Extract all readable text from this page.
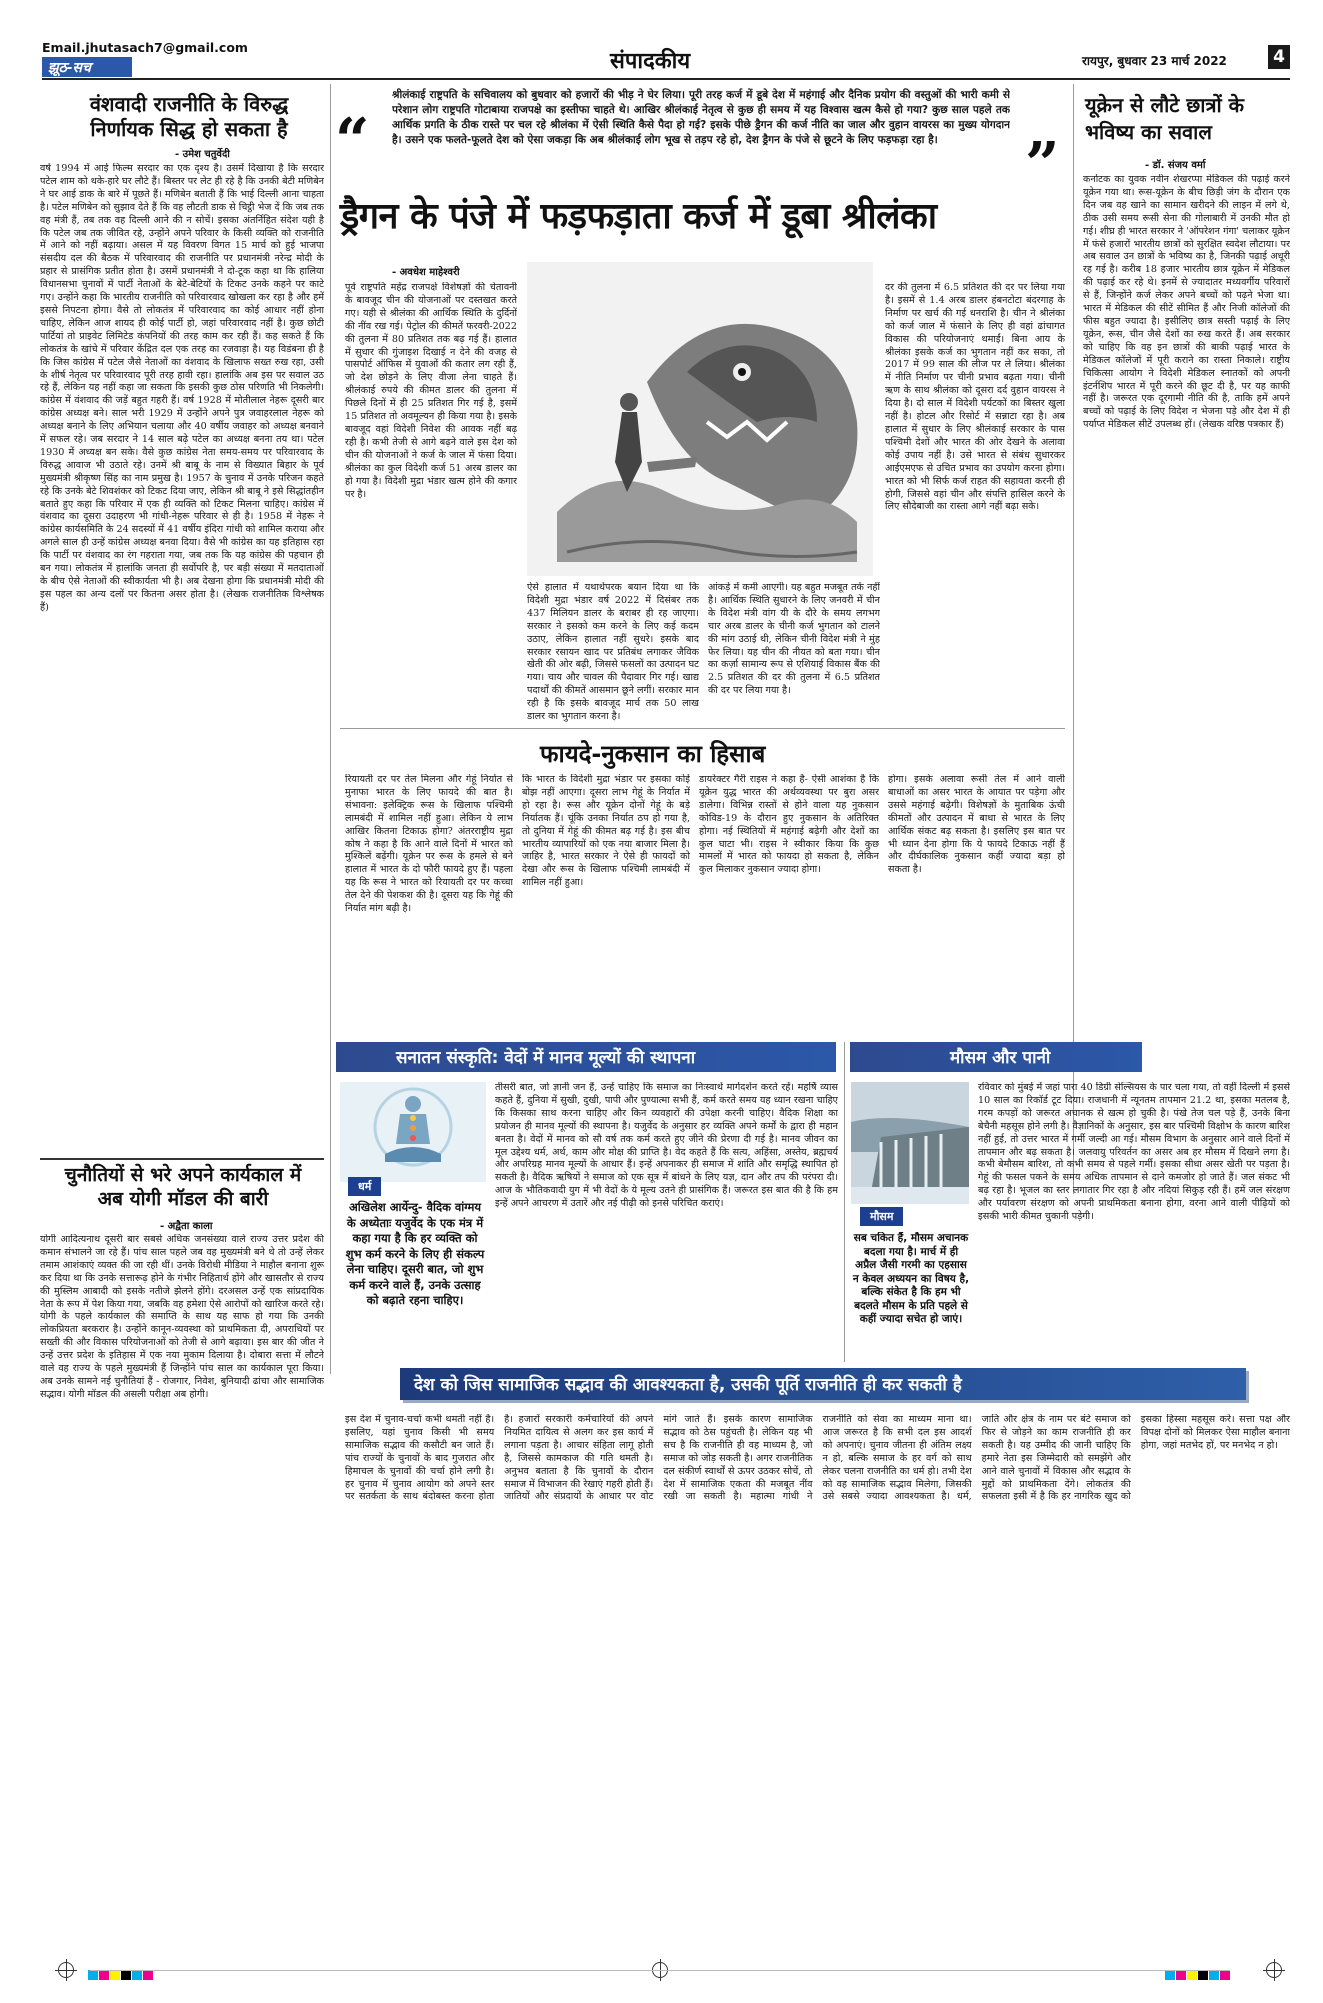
Email.jhutasach7@gmail.com
संपादकीय	रायपुर, बुधवार 23 मार्च 2022	4
झूठ-सच
वंशवादी राजनीति के विरुद्ध निर्णायक सिद्ध हो सकता है
- उमेश चतुर्वेदी
वर्ष 1994 में आई फिल्म सरदार का एक दृश्य है। उसमें दिखाया है कि सरदार पटेल शाम को थके-हारे घर लौटे हैं। बिस्तर पर लेट ही रहे है कि उनकी बेटी मणिबेन ने घर आई डाक के बारे में पूछते हैं। मणिबेन बताती हैं कि भाई दिल्ली आना चाहता है। पटेल मणिबेन को सुझाव देते हैं कि वह लौटती डाक से चिट्ठी भेज दें कि जब तक वह मंत्री हैं, तब तक वह दिल्ली आने की न सोचें। इसका अंतर्निहित संदेश यही है कि पटेल जब तक जीवित रहे, उन्होंने अपने परिवार के किसी व्यक्ति को राजनीति में आने को नहीं बढ़ाया। असल में यह विवरण विगत 15 मार्च को हुई भाजपा संसदीय दल की बैठक में परिवारवाद की राजनीति पर प्रधानमंत्री नरेन्द्र मोदी के प्रहार से प्रासंगिक प्रतीत होता है। उसमें प्रधानमंत्री ने दो-टूक कहा था कि हालिया विधानसभा चुनावों में पार्टी नेताओं के बेटे-बेटियों के टिकट उनके कहने पर काटे गए। उन्होंने कहा कि भारतीय राजनीति को परिवारवाद खोखला कर रहा है और हमें इससे निपटना होगा। वैसे तो लोकतंत्र में परिवारवाद का कोई आधार नहीं होना चाहिए, लेकिन आज शायद ही कोई पार्टी हो, जहां परिवारवाद नहीं है। कुछ छोटी पार्टियां तो प्राइवेट लिमिटेड कंपनियों की तरह काम कर रही हैं। कह सकते हैं कि लोकतंत्र के खांचे में परिवार केंद्रित दल एक तरह का रजवाड़ा है। यह विडंबना ही है कि जिस कांग्रेस में पटेल जैसे नेताओं का वंशवाद के खिलाफ सख्त रुख रहा, उसी के शीर्ष नेतृत्व पर परिवारवाद पूरी तरह हावी रहा। हालांकि अब इस पर सवाल उठ रहे हैं, लेकिन यह नहीं कहा जा सकता कि इसकी कुछ ठोस परिणति भी निकलेगी। कांग्रेस में वंशवाद की जड़ें बहुत गहरी हैं। वर्ष 1928 में मोतीलाल नेहरू दूसरी बार कांग्रेस अध्यक्ष बने। साल भरी 1929 में उन्होंने अपने पुत्र जवाहरलाल नेहरू को अध्यक्ष बनाने के लिए अभियान चलाया और 40 वर्षीय जवाहर को अध्यक्ष बनवाने में सफल रहे। जब सरदार ने 14 साल बढ़े पटेल का अध्यक्ष बनना तय था। पटेल 1930 में अध्यक्ष बन सके। वैसे कुछ कांग्रेस नेता समय-समय पर परिवारवाद के विरुद्ध आवाज भी उठाते रहे। उनमें श्री बाबू के नाम से विख्यात बिहार के पूर्व मुख्यमंत्री श्रीकृष्ण सिंह का नाम प्रमुख है। 1957 के चुनाव में उनके परिजन कहते रहे कि उनके बेटे शिवशंकर को टिकट दिया जाए, लेकिन श्री बाबू ने इसे सिद्धांतहीन बताते हुए कहा कि परिवार में एक ही व्यक्ति को टिकट मिलना चाहिए। कांग्रेस में वंशवाद का दूसरा उदाहरण भी गांधी-नेहरू परिवार से ही है। 1958 में नेहरू ने कांग्रेस कार्यसमिति के 24 सदस्यों में 41 वर्षीय इंदिरा गांधी को शामिल कराया और अगले साल ही उन्हें कांग्रेस अध्यक्ष बनवा दिया। वैसे भी कांग्रेस का यह इतिहास रहा कि पार्टी पर वंशवाद का रंग गहराता गया, जब तक कि यह कांग्रेस की पहचान ही बन गया। लोकतंत्र में हालांकि जनता ही सर्वोपरि है, पर बड़ी संख्या में मतदाताओं के बीच ऐसे नेताओं की स्वीकार्यता भी है। अब देखना होगा कि प्रधानमंत्री मोदी की इस पहल का अन्य दलों पर कितना असर होता है। (लेखक राजनीतिक विश्लेषक हैं)
चुनौतियों से भरे अपने कार्यकाल में अब योगी मॉडल की बारी
- अद्वैता काला
योगी आदित्यनाथ दूसरी बार सबसे अधिक जनसंख्या वाले राज्य उत्तर प्रदेश की कमान संभालने जा रहे हैं। पांच साल पहले जब वह मुख्यमंत्री बने थे तो उन्हें लेकर तमाम आशंकाएं व्यक्त की जा रही थीं। उनके विरोधी मीडिया ने माहौल बनाना शुरू कर दिया था कि उनके सत्तारूढ़ होने के गंभीर निहितार्थ होंगे और खासतौर से राज्य की मुस्लिम आबादी को इसके नतीजे झेलने होंगे। दरअसल उन्हें एक सांप्रदायिक नेता के रूप में पेश किया गया, जबकि वह हमेशा ऐसे आरोपों को खारिज करते रहे। योगी के पहले कार्यकाल की समाप्ति के साथ यह साफ हो गया कि उनकी लोकप्रियता बरकरार है। उन्होंने कानून-व्यवस्था को प्राथमिकता दी, अपराधियों पर सख्ती की और विकास परियोजनाओं को तेजी से आगे बढ़ाया। इस बार की जीत ने उन्हें उत्तर प्रदेश के इतिहास में एक नया मुकाम दिलाया है। दोबारा सत्ता में लौटने वाले वह राज्य के पहले मुख्यमंत्री हैं जिन्होंने पांच साल का कार्यकाल पूरा किया। अब उनके सामने नई चुनौतियां हैं - रोजगार, निवेश, बुनियादी ढांचा और सामाजिक सद्भाव। योगी मॉडल की असली परीक्षा अब होगी।
“
श्रीलंकाई राष्ट्रपति के सचिवालय को बुधवार को हजारों की भीड़ ने घेर लिया। पूरी तरह कर्ज में डूबे देश में महंगाई और दैनिक प्रयोग की वस्तुओं की भारी कमी से परेशान लोग राष्ट्रपति गोटाबाया राजपक्षे का इस्तीफा चाहते थे। आखिर श्रीलंकाई नेतृत्व से कुछ ही समय में यह विश्वास खत्म कैसे हो गया? कुछ साल पहले तक आर्थिक प्रगति के ठीक रास्ते पर चल रहे श्रीलंका में ऐसी स्थिति कैसे पैदा हो गई? इसके पीछे ड्रैगन की कर्ज नीति का जाल और वुहान वायरस का मुख्य योगदान है। उसने एक फलते-फूलते देश को ऐसा जकड़ा कि अब श्रीलंकाई लोग भूख से तड़प रहे हो, देश ड्रैगन के पंजे से छूटने के लिए फड़फड़ा रहा है।	”
ड्रैगन के पंजे में फड़फड़ाता कर्ज में डूबा श्रीलंका
- अवधेश माहेश्वरी
पूर्व राष्ट्रपति महेंद्र राजपक्षे विशेषज्ञों की चेतावनी के बावजूद चीन की योजनाओं पर दस्तखत करते गए। यही से श्रीलंका की आर्थिक स्थिति के दुर्दिनों की नींव रख गई। पेट्रोल की कीमतें फरवरी-2022 की तुलना में 80 प्रतिशत तक बढ़ गई हैं। हालात में सुधार की गुंजाइश दिखाई न देने की वजह से पासपोर्ट ऑफिस में युवाओं की कतार लग रही हैं, जो देश छोड़ने के लिए वीजा लेना चाहते हैं। श्रीलंकाई रुपये की कीमत डालर की तुलना में पिछले दिनों में ही 25 प्रतिशत गिर गई है, इसमें 15 प्रतिशत तो अवमूल्यन ही किया गया है। इसके बावजूद वहां विदेशी निवेश की आवक नहीं बढ़ रही है। कभी तेजी से आगे बढ़ने वाले इस देश को चीन की योजनाओं ने कर्ज के जाल में फंसा दिया। श्रीलंका का कुल विदेशी कर्ज 51 अरब डालर का हो गया है। विदेशी मुद्रा भंडार खत्म होने की कगार पर है।
ऐसे हालात में यथार्थपरक बयान दिया था कि विदेशी मुद्रा भंडार वर्ष 2022 में दिसंबर तक 437 मिलियन डालर के बराबर ही रह जाएगा। सरकार ने इसको कम करने के लिए कई कदम उठाए, लेकिन हालात नहीं सुधरे। इसके बाद सरकार रसायन खाद पर प्रतिबंध लगाकर जैविक खेती की ओर बढ़ी, जिससे फसलों का उत्पादन घट गया। चाय और चावल की पैदावार गिर गई। खाद्य पदार्थों की कीमतें आसमान छूने लगीं। सरकार मान रही है कि इसके बावजूद मार्च तक 50 लाख डालर का भुगतान करना है।
आंकड़े में कमी आएगी। यह बहुत मजबूत तर्क नहीं है। आर्थिक स्थिति सुधारने के लिए जनवरी में चीन के विदेश मंत्री वांग यी के दौरे के समय लगभग चार अरब डालर के चीनी कर्ज भुगतान को टालने की मांग उठाई थी, लेकिन चीनी विदेश मंत्री ने मुंह फेर लिया। यह चीन की नीयत को बता गया। चीन का कर्ज़ा सामान्य रूप से एशियाई विकास बैंक की 2.5 प्रतिशत की दर की तुलना में 6.5 प्रतिशत की दर पर लिया गया है।
दर की तुलना में 6.5 प्रतिशत की दर पर लिया गया है। इसमें से 1.4 अरब डालर हंबनटोटा बंदरगाह के निर्माण पर खर्च की गई धनराशि है। चीन ने श्रीलंका को कर्ज जाल में फंसाने के लिए ही वहां ढांचागत विकास की परियोजनाएं थमाईं। बिना आय के श्रीलंका इसके कर्ज का भुगतान नहीं कर सका, तो 2017 में 99 साल की लीज पर ले लिया। श्रीलंका में नीति निर्माण पर चीनी प्रभाव बढ़ता गया। चीनी ऋण के साथ श्रीलंका को दूसरा दर्द वुहान वायरस ने दिया है। दो साल में विदेशी पर्यटकों का बिस्तर खुला नहीं है। होटल और रिसोर्ट में सन्नाटा रहा है। अब हालात में सुधार के लिए श्रीलंकाई सरकार के पास पश्चिमी देशों और भारत की ओर देखने के अलावा कोई उपाय नहीं है। उसे भारत से संबंध सुधारकर आईएमएफ से उचित प्रभाव का उपयोग करना होगा। भारत को भी सिर्फ कर्ज राहत की सहायता करनी ही होगी, जिससे वहां चीन और संपत्ति हासिल करने के लिए सौदेबाजी का रास्ता आगे नहीं बढ़ा सके।
फायदे-नुकसान का हिसाब
रियायती दर पर तेल मिलना और गेहूं निर्यात से मुनाफा भारत के लिए फायदे की बात है। संभावना: इलेक्ट्रिक रूस के खिलाफ पश्चिमी लामबंदी में शामिल नहीं हुआ। लेकिन ये लाभ आखिर कितना टिकाऊ होगा? अंतरराष्ट्रीय मुद्रा कोष ने कहा है कि आने वाले दिनों में भारत को मुश्किलें बढ़ेंगी। यूक्रेन पर रूस के हमले से बने हालात में भारत के दो फौरी फायदे हुए हैं। पहला यह कि रूस ने भारत को रियायती दर पर कच्चा तेल देने की पेशकश की है। दूसरा यह कि गेहूं की निर्यात मांग बढ़ी है।
कि भारत के विदेशी मुद्रा भंडार पर इसका कोई बोझ नहीं आएगा। दूसरा लाभ गेहूं के निर्यात में हो रहा है। रूस और यूक्रेन दोनों गेहूं के बड़े निर्यातक हैं। चूंकि उनका निर्यात ठप हो गया है, तो दुनिया में गेहूं की कीमत बढ़ गई है। इस बीच भारतीय व्यापारियों को एक नया बाजार मिला है। जाहिर है, भारत सरकार ने ऐसे ही फायदों को देखा और रूस के खिलाफ पश्चिमी लामबंदी में शामिल नहीं हुआ।
डायरेक्टर गैरी राइस ने कहा है- ऐसी आशंका है कि यूक्रेन युद्ध भारत की अर्थव्यवस्था पर बुरा असर डालेगा। विभिन्न रास्तों से होने वाला यह नुकसान कोविड-19 के दौरान हुए नुकसान के अतिरिक्त होगा। नई स्थितियों में महंगाई बढ़ेगी और देशों का कुल घाटा भी। राइस ने स्वीकार किया कि कुछ मामलों में भारत को फायदा हो सकता है, लेकिन कुल मिलाकर नुकसान ज्यादा होगा।
होगा। इसके अलावा रूसी तेल में आने वाली बाधाओं का असर भारत के आयात पर पड़ेगा और उससे महंगाई बढ़ेगी। विशेषज्ञों के मुताबिक ऊंची कीमतों और उत्पादन में बाधा से भारत के लिए आर्थिक संकट बढ़ सकता है। इसलिए इस बात पर भी ध्यान देना होगा कि ये फायदे टिकाऊ नहीं हैं और दीर्घकालिक नुकसान कहीं ज्यादा बड़ा हो सकता है।
यूक्रेन से लौटे छात्रों के भविष्य का सवाल
- डॉ. संजय वर्मा
कर्नाटक का युवक नवीन शेखरप्पा मेडिकल की पढ़ाई करने यूक्रेन गया था। रूस-यूक्रेन के बीच छिड़ी जंग के दौरान एक दिन जब वह खाने का सामान खरीदने की लाइन में लगे थे, ठीक उसी समय रूसी सेना की गोलाबारी में उनकी मौत हो गई। शीघ्र ही भारत सरकार ने 'ऑपरेशन गंगा' चलाकर यूक्रेन में फंसे हजारों भारतीय छात्रों को सुरक्षित स्वदेश लौटाया। पर अब सवाल उन छात्रों के भविष्य का है, जिनकी पढ़ाई अधूरी रह गई है। करीब 18 हजार भारतीय छात्र यूक्रेन में मेडिकल की पढ़ाई कर रहे थे। इनमें से ज्यादातर मध्यवर्गीय परिवारों से हैं, जिन्होंने कर्ज लेकर अपने बच्चों को पढ़ने भेजा था। भारत में मेडिकल की सीटें सीमित हैं और निजी कॉलेजों की फीस बहुत ज्यादा है। इसीलिए छात्र सस्ती पढ़ाई के लिए यूक्रेन, रूस, चीन जैसे देशों का रुख करते हैं। अब सरकार को चाहिए कि वह इन छात्रों की बाकी पढ़ाई भारत के मेडिकल कॉलेजों में पूरी कराने का रास्ता निकाले। राष्ट्रीय चिकित्सा आयोग ने विदेशी मेडिकल स्नातकों को अपनी इंटर्नशिप भारत में पूरी करने की छूट दी है, पर यह काफी नहीं है। जरूरत एक दूरगामी नीति की है, ताकि हमें अपने बच्चों को पढ़ाई के लिए विदेश न भेजना पड़े और देश में ही पर्याप्त मेडिकल सीटें उपलब्ध हों। (लेखक वरिष्ठ पत्रकार हैं)
सनातन संस्कृति: वेदों में मानव मूल्यों की स्थापना
धर्म
अखिलेश आर्येन्दु- वैदिक वांग्मय के अध्येताः यजुर्वेद के एक मंत्र में कहा गया है कि हर व्यक्ति को शुभ कर्म करने के लिए ही संकल्प लेना चाहिए। दूसरी बात, जो शुभ कर्म करने वाले हैं, उनके उत्साह को बढ़ाते रहना चाहिए।
तीसरी बात, जो ज्ञानी जन हैं, उन्हें चाहिए कि समाज का निःस्वार्थ मार्गदर्शन करते रहें। महर्षि व्यास कहते हैं, दुनिया में सुखी, दुखी, पापी और पुण्यात्मा सभी हैं, कर्म करते समय यह ध्यान रखना चाहिए कि किसका साथ करना चाहिए और किन व्यवहारों की उपेक्षा करनी चाहिए। वैदिक शिक्षा का प्रयोजन ही मानव मूल्यों की स्थापना है। यजुर्वेद के अनुसार हर व्यक्ति अपने कर्मों के द्वारा ही महान बनता है। वेदों में मानव को सौ वर्ष तक कर्म करते हुए जीने की प्रेरणा दी गई है। मानव जीवन का मूल उद्देश्य धर्म, अर्थ, काम और मोक्ष की प्राप्ति है। वेद कहते हैं कि सत्य, अहिंसा, अस्तेय, ब्रह्मचर्य और अपरिग्रह मानव मूल्यों के आधार हैं। इन्हें अपनाकर ही समाज में शांति और समृद्धि स्थापित हो सकती है। वैदिक ऋषियों ने समाज को एक सूत्र में बांधने के लिए यज्ञ, दान और तप की परंपरा दी। आज के भौतिकवादी युग में भी वेदों के ये मूल्य उतने ही प्रासंगिक हैं। जरूरत इस बात की है कि हम इन्हें अपने आचरण में उतारें और नई पीढ़ी को इनसे परिचित कराएं।
मौसम और पानी
मौसम
सब चकित हैं, मौसम अचानक बदला गया है। मार्च में ही अप्रैल जैसी गरमी का एहसास न केवल अध्ययन का विषय है, बल्कि संकेत है कि हम भी बदलते मौसम के प्रति पहले से कहीं ज्यादा सचेत हो जाएं।
रविवार को मुंबई में जहां पारा 40 डिग्री सेल्सियस के पार चला गया, तो वहीं दिल्ली में इससे 10 साल का रिकॉर्ड टूट दिया। राजधानी में न्यूनतम तापमान 21.2 था, इसका मतलब है, गरम कपड़ों को जरूरत अचानक से खत्म हो चुकी है। पंखे तेज चल पड़े हैं, उनके बिना बेचैनी महसूस होने लगी है। वैज्ञानिकों के अनुसार, इस बार पश्चिमी विक्षोभ के कारण बारिश नहीं हुई, तो उत्तर भारत में गर्मी जल्दी आ गई। मौसम विभाग के अनुसार आने वाले दिनों में तापमान और बढ़ सकता है। जलवायु परिवर्तन का असर अब हर मौसम में दिखने लगा है। कभी बेमौसम बारिश, तो कभी समय से पहले गर्मी। इसका सीधा असर खेती पर पड़ता है। गेहूं की फसल पकने के समय अधिक तापमान से दाने कमजोर हो जाते हैं। जल संकट भी बढ़ रहा है। भूजल का स्तर लगातार गिर रहा है और नदियां सिकुड़ रही हैं। हमें जल संरक्षण और पर्यावरण संरक्षण को अपनी प्राथमिकता बनाना होगा, वरना आने वाली पीढ़ियों को इसकी भारी कीमत चुकानी पड़ेगी।
देश को जिस सामाजिक सद्भाव की आवश्यकता है, उसकी पूर्ति राजनीति ही कर सकती है
इस देश में चुनाव-चर्चा कभी थमती नहीं है। इसलिए, यहां चुनाव किसी भी समय सामाजिक सद्भाव की कसौटी बन जाते हैं। पांच राज्यों के चुनावों के बाद गुजरात और हिमाचल के चुनावों की चर्चा होने लगी है। हर चुनाव में चुनाव आयोग को अपने स्तर पर सतर्कता के साथ बंदोबस्त करना होता है। हजारों सरकारी कर्मचारियों की अपने नियमित दायित्व से अलग कर इस कार्य में लगाना पड़ता है। आचार संहिता लागू होती है, जिससे कामकाज की गति थमती है। अनुभव बताता है कि चुनावों के दौरान समाज में विभाजन की रेखाएं गहरी होती हैं। जातियों और संप्रदायों के आधार पर वोट मांगे जाते हैं। इसके कारण सामाजिक सद्भाव को ठेस पहुंचती है। लेकिन यह भी सच है कि राजनीति ही वह माध्यम है, जो समाज को जोड़ सकती है। अगर राजनीतिक दल संकीर्ण स्वार्थों से ऊपर उठकर सोचें, तो देश में सामाजिक एकता की मजबूत नींव रखी जा सकती है। महात्मा गांधी ने राजनीति को सेवा का माध्यम माना था। आज जरूरत है कि सभी दल इस आदर्श को अपनाएं। चुनाव जीतना ही अंतिम लक्ष्य न हो, बल्कि समाज के हर वर्ग को साथ लेकर चलना राजनीति का धर्म हो। तभी देश को वह सामाजिक सद्भाव मिलेगा, जिसकी उसे सबसे ज्यादा आवश्यकता है। धर्म, जाति और क्षेत्र के नाम पर बंटे समाज को फिर से जोड़ने का काम राजनीति ही कर सकती है। यह उम्मीद की जानी चाहिए कि हमारे नेता इस जिम्मेदारी को समझेंगे और आने वाले चुनावों में विकास और सद्भाव के मुद्दों को प्राथमिकता देंगे। लोकतंत्र की सफलता इसी में है कि हर नागरिक खुद को इसका हिस्सा महसूस करे। सत्ता पक्ष और विपक्ष दोनों को मिलकर ऐसा माहौल बनाना होगा, जहां मतभेद हों, पर मनभेद न हो।
